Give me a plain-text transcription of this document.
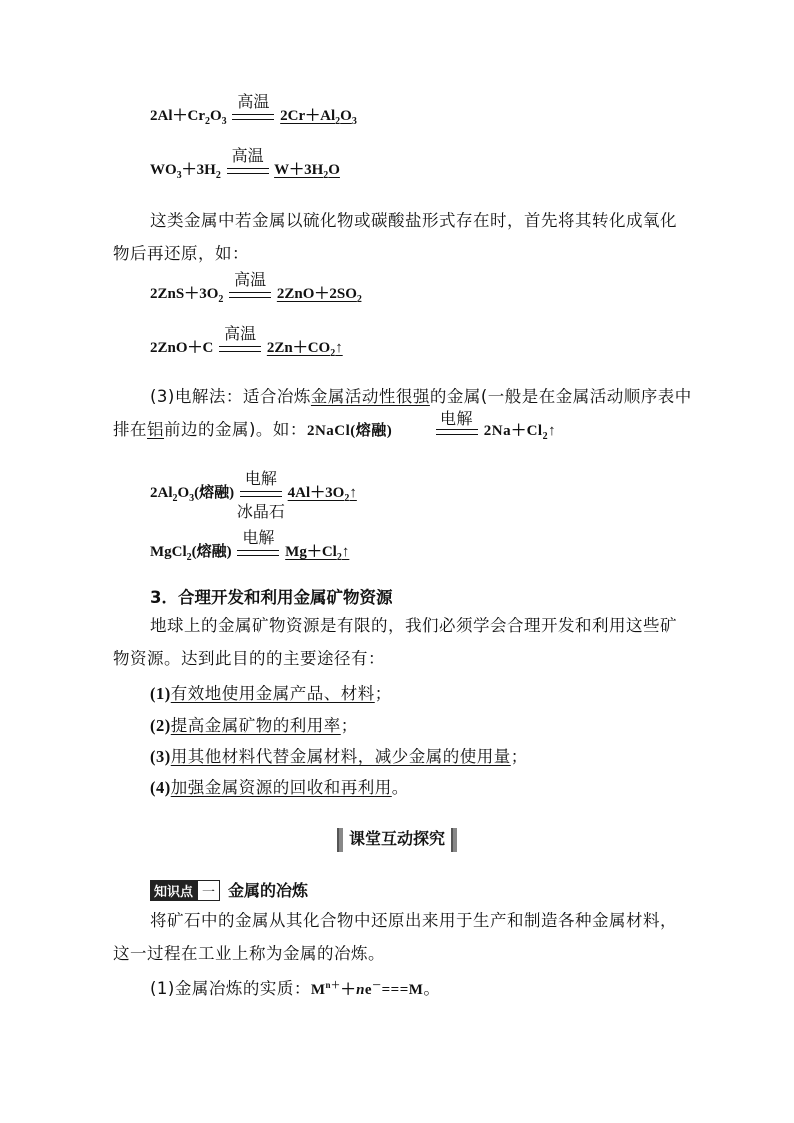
$2Al+Cr_2O_3$
高温
$2Cr+Al_2O_3$
$WO_3+3H_2$
高温
$W+3H_2O$
这类金属中若金属以硫化物或碳酸盐形式存在时，首先将其转化成氧化物后再还原，如：
$2ZnS+3O_2$
高温
$2ZnO+2SO_2$
2ZnO＋C
高温
$2Zn+CO_2↑$
(3)电解法：适合冶炼金属活动性很强的金属(一般是在金属活动顺序表中排在铝前边的金属)。如：2NaCl(熔融)
电解
$2Na+Cl_2↑$
$2Al_2O_3$(熔融)
电解
冰晶石
$4Al+3O_2↑$
MgCl$_2$(熔融)
电解
$Mg+Cl_2↑$
3．合理开发和利用金属矿物资源
地球上的金属矿物资源是有限的，我们必须学会合理开发和利用这些矿物资源。达到此目的的主要途径有：
(1)有效地使用金属产品、材料；
(2)提高金属矿物的利用率；
(3)用其他材料代替金属材料，减少金属的使用量；
(4)加强金属资源的回收和再利用。
课堂互动探究
知识点 一 金属的冶炼
将矿石中的金属从其化合物中还原出来用于生产和制造各种金属材料，这一过程在工业上称为金属的冶炼。
(1)金属冶炼的实质：$M^{n+}+ne^-===M$。
